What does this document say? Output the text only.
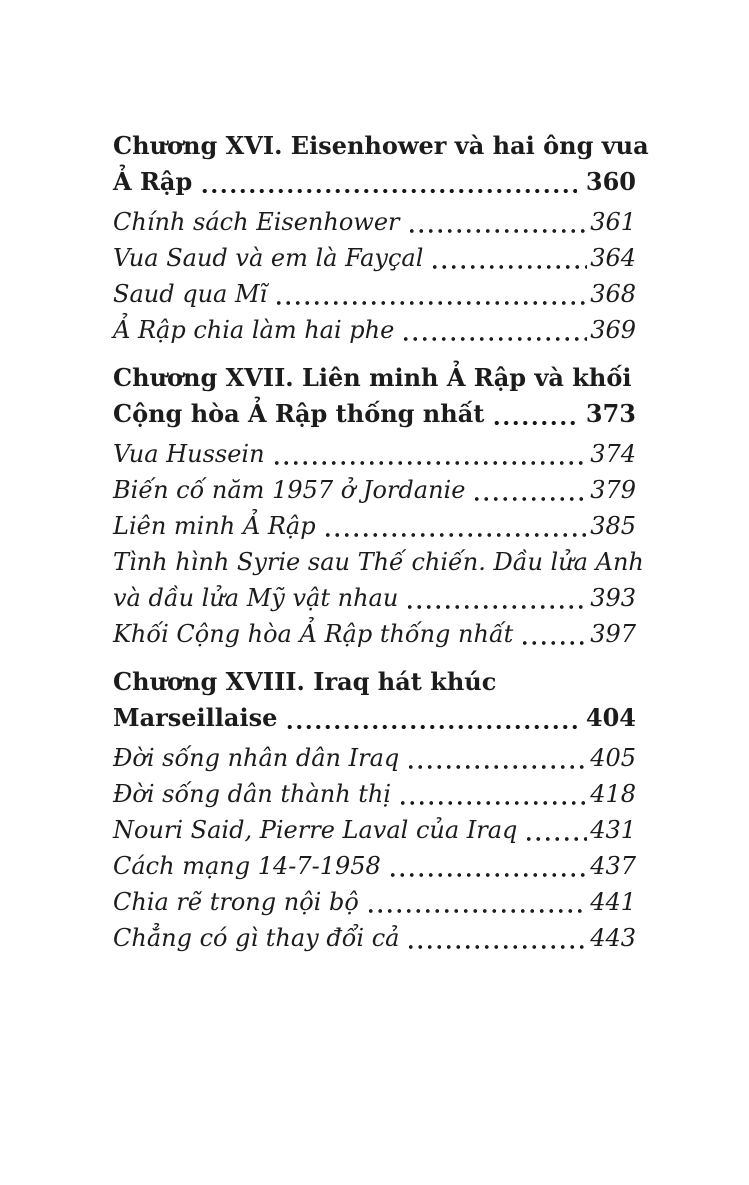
Chương XVI. Eisenhower và hai ông vua
Ả Rập	360
Chính sách Eisenhower	361
Vua Saud và em là Fayçal	364
Saud qua Mĩ	368
Ả Rập chia làm hai phe	369
Chương XVII. Liên minh Ả Rập và khối
Cộng hòa Ả Rập thống nhất	373
Vua Hussein	374
Biến cố năm 1957 ở Jordanie	379
Liên minh Ả Rập	385
Tình hình Syrie sau Thế chiến. Dầu lửa Anh
và dầu lửa Mỹ vật nhau	393
Khối Cộng hòa Ả Rập thống nhất	397
Chương XVIII. Iraq hát khúc
Marseillaise	404
Đời sống nhân dân Iraq	405
Đời sống dân thành thị	418
Nouri Said, Pierre Laval của Iraq	431
Cách mạng 14-7-1958	437
Chia rẽ trong nội bộ	441
Chẳng có gì thay đổi cả	443
